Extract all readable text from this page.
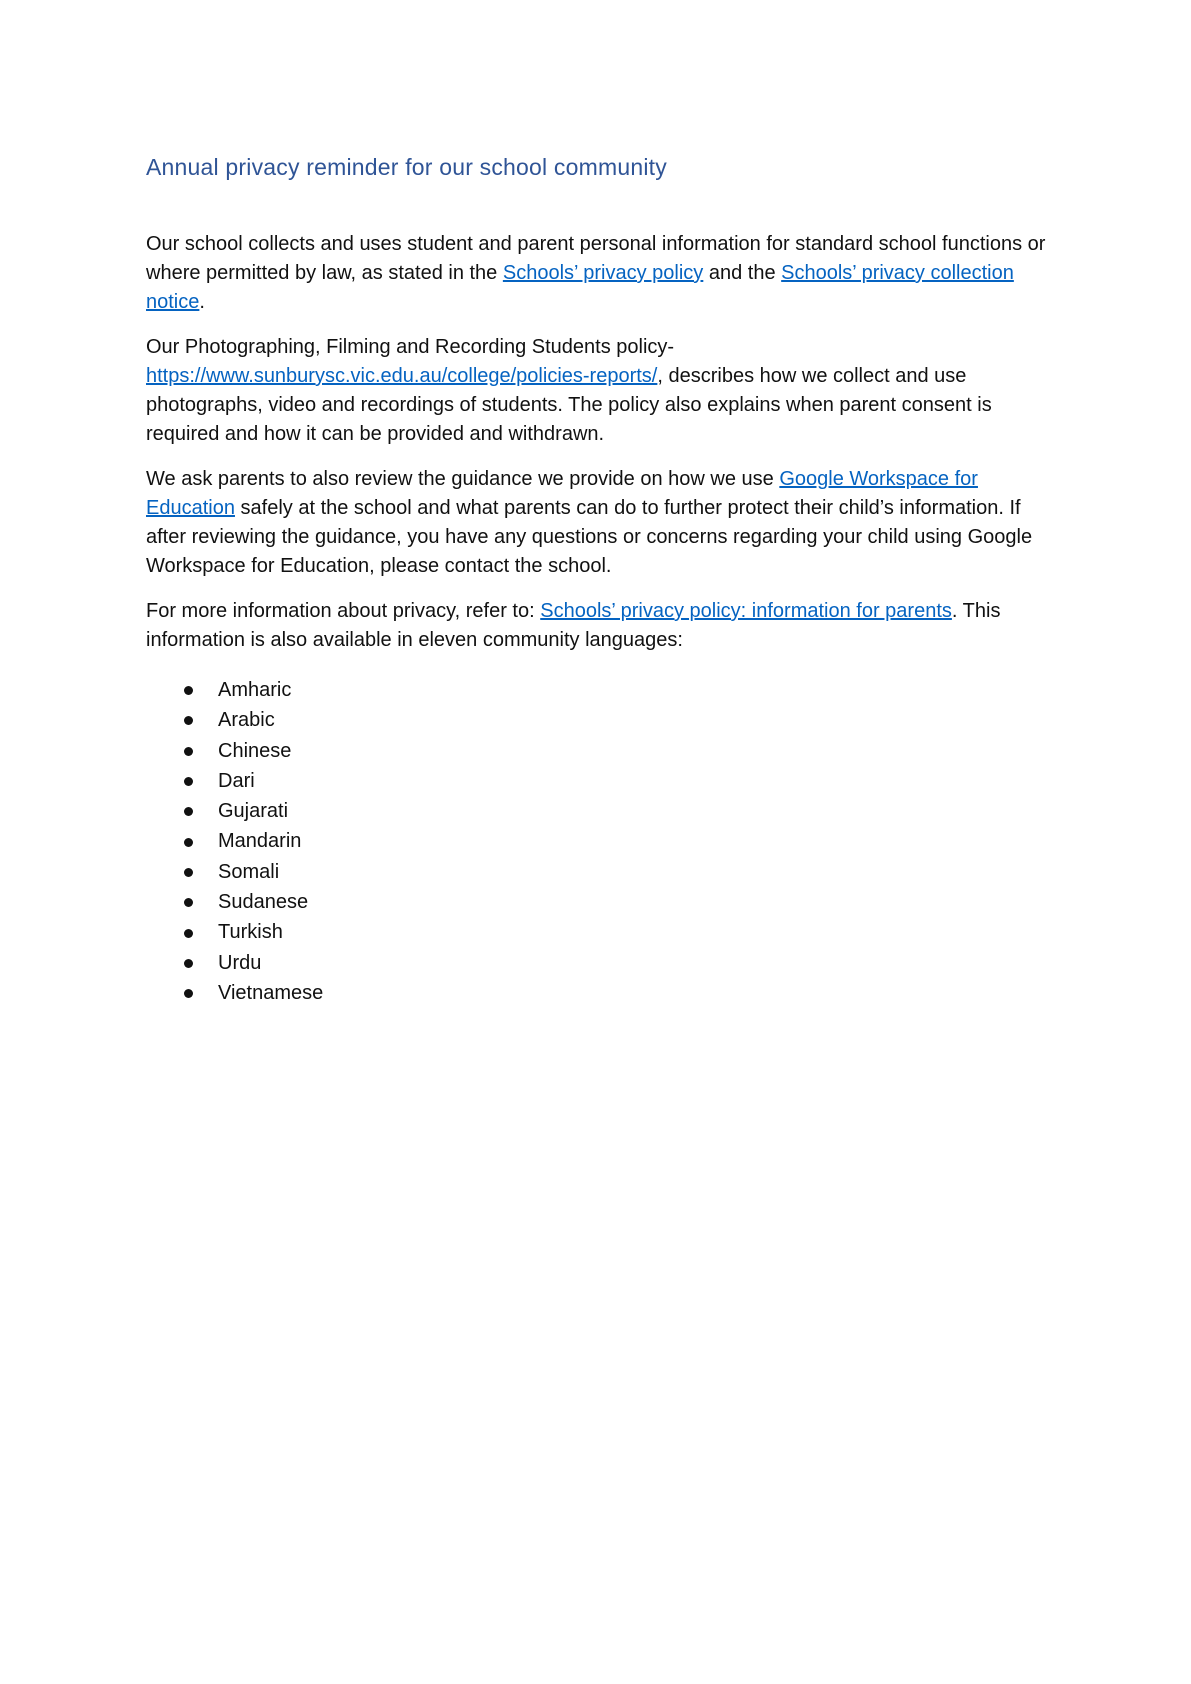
Annual privacy reminder for our school community

Our school collects and uses student and parent personal information for standard school functions or where permitted by law, as stated in the Schools’ privacy policy and the Schools’ privacy collection notice.

Our Photographing, Filming and Recording Students policy- https://www.sunburysc.vic.edu.au/college/policies-reports/, describes how we collect and use photographs, video and recordings of students. The policy also explains when parent consent is required and how it can be provided and withdrawn.

We ask parents to also review the guidance we provide on how we use Google Workspace for Education safely at the school and what parents can do to further protect their child’s information. If after reviewing the guidance, you have any questions or concerns regarding your child using Google Workspace for Education, please contact the school.

For more information about privacy, refer to: Schools’ privacy policy: information for parents. This information is also available in eleven community languages:

Amharic
Arabic
Chinese
Dari
Gujarati
Mandarin
Somali
Sudanese
Turkish
Urdu
Vietnamese
